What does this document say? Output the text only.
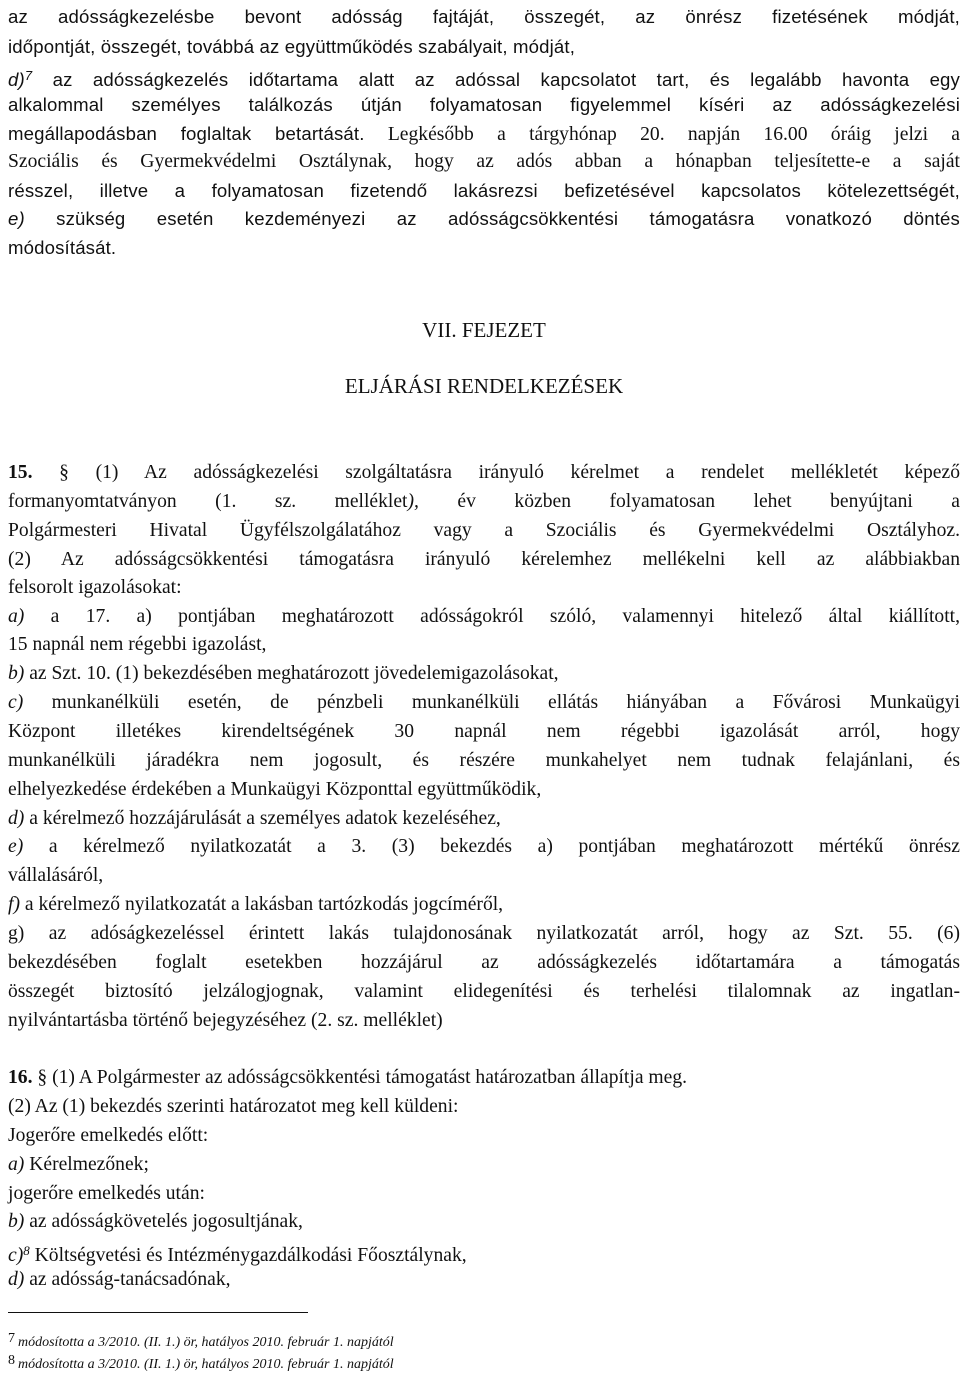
az adósságkezelésbe bevont adósság fajtáját, összegét, az önrész fizetésének módját,
időpontját, összegét, továbbá az együttműködés szabályait, módját,
d)$^7$ az adósságkezelés időtartama alatt az adóssal kapcsolatot tart, és legalább havonta egy
alkalommal személyes találkozás útján folyamatosan figyelemmel kíséri az adósságkezelési
megállapodásban foglaltak betartását. Legkésőbb a tárgyhónap 20. napján 16.00 óráig jelzi a
Szociális és Gyermekvédelmi Osztálynak, hogy az adós abban a hónapban teljesítette-e a saját
résszel, illetve a folyamatosan fizetendő lakásrezsi befizetésével kapcsolatos kötelezettségét,
e) szükség esetén kezdeményezi az adósságcsökkentési támogatásra vonatkozó döntés
módosítását.
VII. FEJEZET
ELJÁRÁSI RENDELKEZÉSEK
15. § (1) Az adósságkezelési szolgáltatásra irányuló kérelmet a rendelet mellékletét képező
formanyomtatványon (1. sz. melléklet), év közben folyamatosan lehet benyújtani a
Polgármesteri Hivatal Ügyfélszolgálatához vagy a Szociális és Gyermekvédelmi Osztályhoz.
(2) Az adósságcsökkentési támogatásra irányuló kérelemhez mellékelni kell az alábbiakban
felsorolt igazolásokat:
a) a 17. a) pontjában meghatározott adósságokról szóló, valamennyi hitelező által kiállított,
15 napnál nem régebbi igazolást,
b) az Szt. 10. (1) bekezdésében meghatározott jövedelemigazolásokat,
c) munkanélküli esetén, de pénzbeli munkanélküli ellátás hiányában a Fővárosi Munkaügyi
Központ illetékes kirendeltségének 30 napnál nem régebbi igazolását arról, hogy
munkanélküli járadékra nem jogosult, és részére munkahelyet nem tudnak felajánlani, és
elhelyezkedése érdekében a Munkaügyi Központtal együttműködik,
d) a kérelmező hozzájárulását a személyes adatok kezeléséhez,
e) a kérelmező nyilatkozatát a 3. (3) bekezdés a) pontjában meghatározott mértékű önrész
vállalásáról,
f) a kérelmező nyilatkozatát a lakásban tartózkodás jogcíméről,
g) az adóságkezeléssel érintett lakás tulajdonosának nyilatkozatát arról, hogy az Szt. 55. (6)
bekezdésében foglalt esetekben hozzájárul az adósságkezelés időtartamára a támogatás
összegét biztosító jelzálogjognak, valamint elidegenítési és terhelési tilalomnak az ingatlan-
nyilvántartásba történő bejegyzéséhez (2. sz. melléklet)
16. § (1) A Polgármester az adósságcsökkentési támogatást határozatban állapítja meg.
(2) Az (1) bekezdés szerinti határozatot meg kell küldeni:
Jogerőre emelkedés előtt:
a) Kérelmezőnek;
jogerőre emelkedés után:
b) az adósságkövetelés jogosultjának,
c)$^8$ Költségvetési és Intézménygazdálkodási Főosztálynak,
d) az adósság-tanácsadónak,
7 módosította a 3/2010. (II. 1.) ör, hatályos 2010. február 1. napjától
8 módosította a 3/2010. (II. 1.) ör, hatályos 2010. február 1. napjától
